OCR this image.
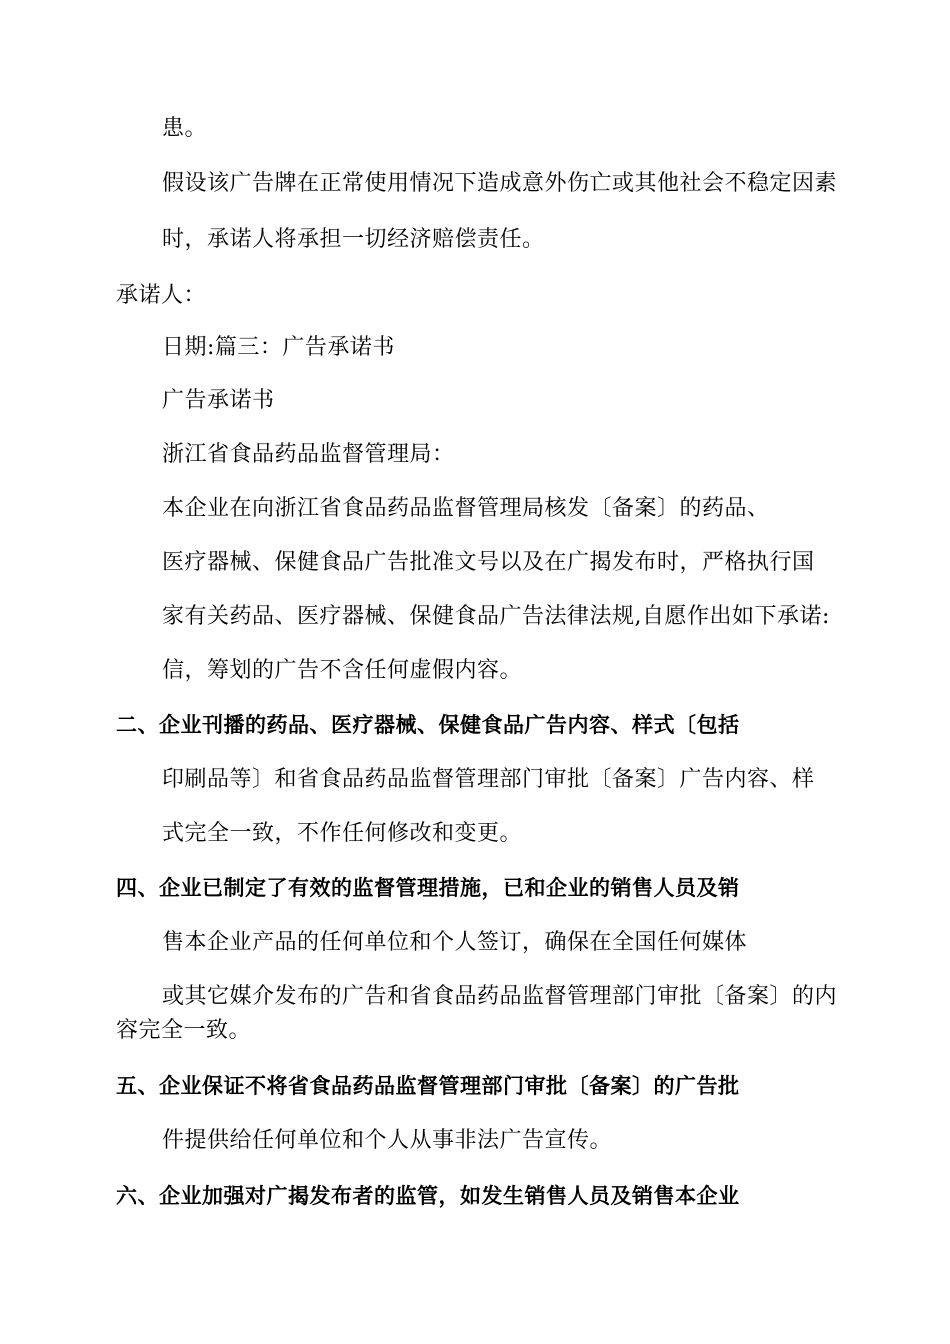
患。
假设该广告牌在正常使用情况下造成意外伤亡或其他社会不稳定因素
时，承诺人将承担一切经济赔偿责任。
承诺人：
日期:篇三：广告承诺书
广告承诺书
浙江省食品药品监督管理局：
本企业在向浙江省食品药品监督管理局核发〔备案〕的药品、
医疗器械、保健食品广告批准文号以及在广揭发布时，严格执行国
家有关药品、医疗器械、保健食品广告法律法规,自愿作出如下承诺:
信，筹划的广告不含任何虚假内容。
二、企业刊播的药品、医疗器械、保健食品广告内容、样式〔包括
印刷品等〕和省食品药品监督管理部门审批〔备案〕广告内容、样
式完全一致，不作任何修改和变更。
四、企业已制定了有效的监督管理措施，已和企业的销售人员及销
售本企业产品的任何单位和个人签订，确保在全国任何媒体
或其它媒介发布的广告和省食品药品监督管理部门审批〔备案〕的内
容完全一致。
五、企业保证不将省食品药品监督管理部门审批〔备案〕的广告批
件提供给任何单位和个人从事非法广告宣传。
六、企业加强对广揭发布者的监管，如发生销售人员及销售本企业
